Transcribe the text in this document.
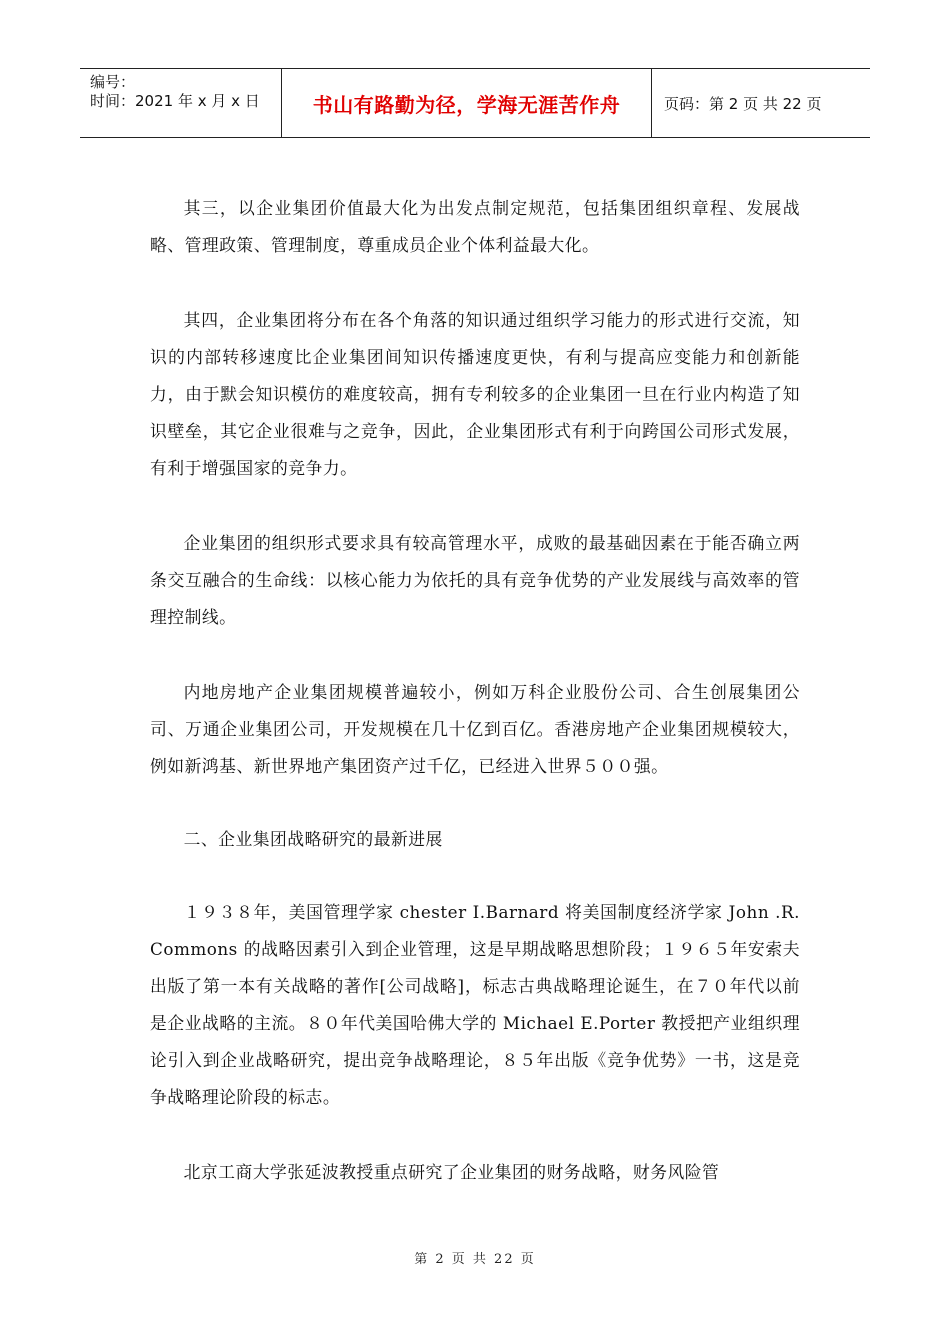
编号：
时间：2021 年 x 月 x 日	书山有路勤为径，学海无涯苦作舟	页码：第 2 页 共 22 页

其三，以企业集团价值最大化为出发点制定规范，包括集团组织章程、发展战略、管理政策、管理制度，尊重成员企业个体利益最大化。

其四，企业集团将分布在各个角落的知识通过组织学习能力的形式进行交流，知识的内部转移速度比企业集团间知识传播速度更快，有利与提高应变能力和创新能力，由于默会知识模仿的难度较高，拥有专利较多的企业集团一旦在行业内构造了知识壁垒，其它企业很难与之竞争，因此，企业集团形式有利于向跨国公司形式发展，有利于增强国家的竞争力。

企业集团的组织形式要求具有较高管理水平，成败的最基础因素在于能否确立两条交互融合的生命线：以核心能力为依托的具有竞争优势的产业发展线与高效率的管理控制线。

内地房地产企业集团规模普遍较小，例如万科企业股份公司、合生创展集团公司、万通企业集团公司，开发规模在几十亿到百亿。香港房地产企业集团规模较大，例如新鸿基、新世界地产集团资产过千亿，已经进入世界５００强。

二、企业集团战略研究的最新进展

１９３８年，美国管理学家 chester I.Barnard 将美国制度经济学家 John .R.Commons 的战略因素引入到企业管理，这是早期战略思想阶段；１９６５年安索夫出版了第一本有关战略的著作[公司战略]，标志古典战略理论诞生，在７０年代以前是企业战略的主流。８０年代美国哈佛大学的 Michael E.Porter 教授把产业组织理论引入到企业战略研究，提出竞争战略理论，８５年出版《竞争优势》一书，这是竞争战略理论阶段的标志。

北京工商大学张延波教授重点研究了企业集团的财务战略，财务风险管

第 2 页 共 22 页
